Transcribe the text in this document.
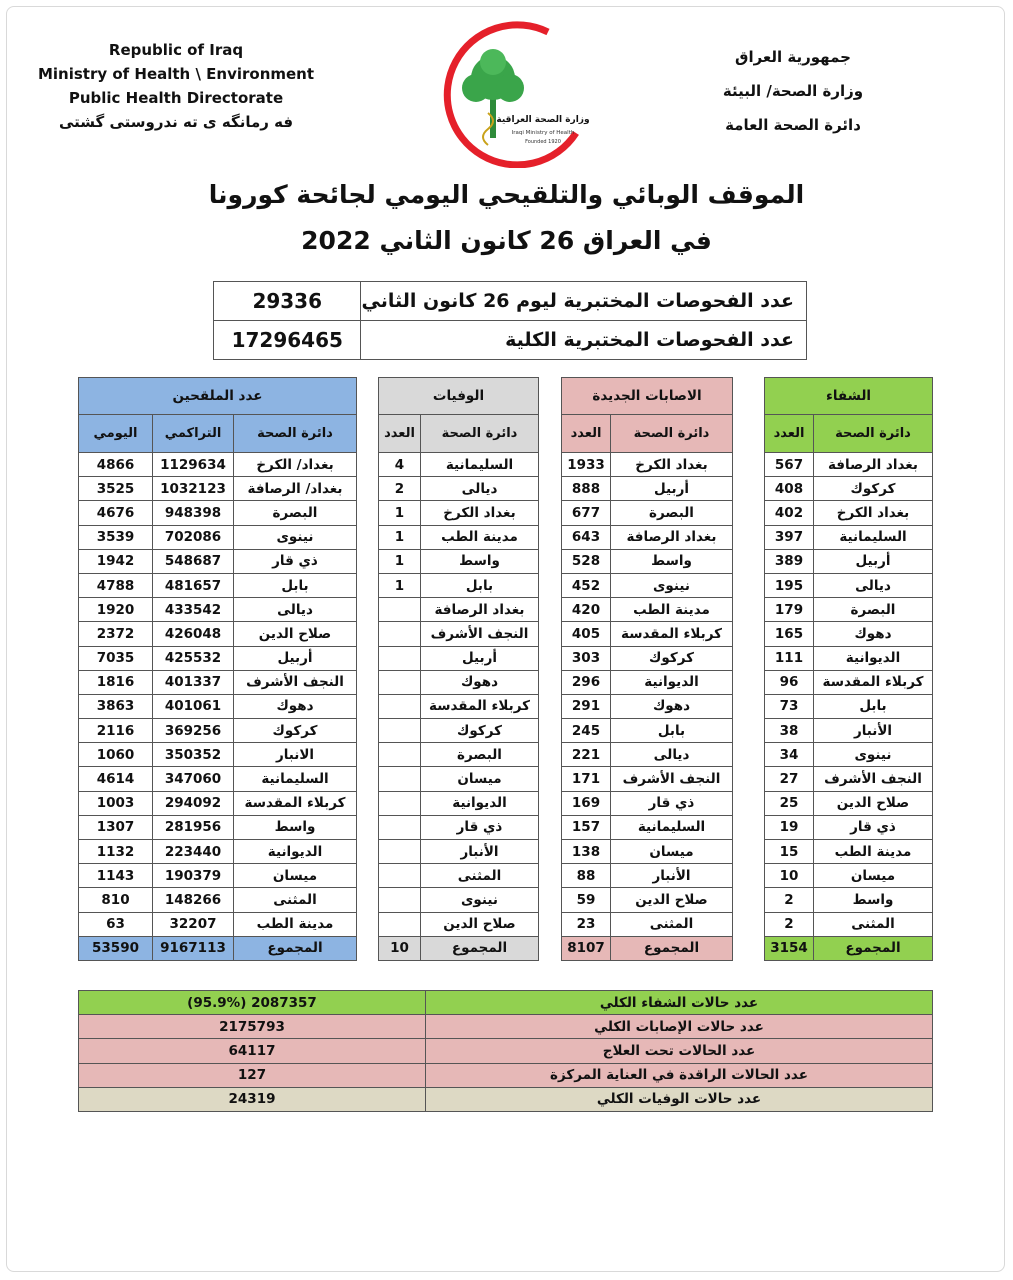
Republic of Iraq
Ministry of Health \ Environment
Public Health Directorate
فه رمانگه ى ته ندروستى گشتى
جمهورية العراق
وزارة الصحة/ البيئة
دائرة الصحة العامة
وزارة الصحة العراقية
Iraqi Ministry of Health
Founded 1920
الموقف الوبائي والتلقيحي اليومي لجائحة كورونا
في العراق 26 كانون الثاني 2022
عدد الفحوصات المختبرية ليوم 26 كانون الثاني	29336
عدد الفحوصات المختبرية الكلية	17296465
الشفاء	
دائرة الصحة	العدد
بغداد الرصافة	567
كركوك	408
بغداد الكرخ	402
السليمانية	397
أربيل	389
ديالى	195
البصرة	179
دهوك	165
الديوانية	111
كربلاء المقدسة	96
بابل	73
الأنبار	38
نينوى	34
النجف الأشرف	27
صلاح الدين	25
ذي قار	19
مدينة الطب	15
ميسان	10
واسط	2
المثنى	2
المجموع	3154
الاصابات الجديدة	
دائرة الصحة	العدد
بغداد الكرخ	1933
أربيل	888
البصرة	677
بغداد الرصافة	643
واسط	528
نينوى	452
مدينة الطب	420
كربلاء المقدسة	405
كركوك	303
الديوانية	296
دهوك	291
بابل	245
ديالى	221
النجف الأشرف	171
ذي قار	169
السليمانية	157
ميسان	138
الأنبار	88
صلاح الدين	59
المثنى	23
المجموع	8107
الوفيات	
دائرة الصحة	العدد
السليمانية	4
ديالى	2
بغداد الكرخ	1
مدينة الطب	1
واسط	1
بابل	1
بغداد الرصافة	
النجف الأشرف	
أربيل	
دهوك	
كربلاء المقدسة	
كركوك	
البصرة	
ميسان	
الديوانية	
ذي قار	
الأنبار	
المثنى	
نينوى	
صلاح الدين	
المجموع	10
عدد الملقحين		
دائرة الصحة	التراكمي	اليومي
بغداد/ الكرخ	1129634	4866
بغداد/ الرصافة	1032123	3525
البصرة	948398	4676
نينوى	702086	3539
ذي قار	548687	1942
بابل	481657	4788
ديالى	433542	1920
صلاح الدين	426048	2372
أربيل	425532	7035
النجف الأشرف	401337	1816
دهوك	401061	3863
كركوك	369256	2116
الانبار	350352	1060
السليمانية	347060	4614
كربلاء المقدسة	294092	1003
واسط	281956	1307
الديوانية	223440	1132
ميسان	190379	1143
المثنى	148266	810
مدينة الطب	32207	63
المجموع	9167113	53590
عدد حالات الشفاء الكلي	2087357 (95.9%)
عدد حالات الإصابات الكلي	2175793
عدد الحالات تحت العلاج	64117
عدد الحالات الراقدة في العناية المركزة	127
عدد حالات الوفيات الكلي	24319
